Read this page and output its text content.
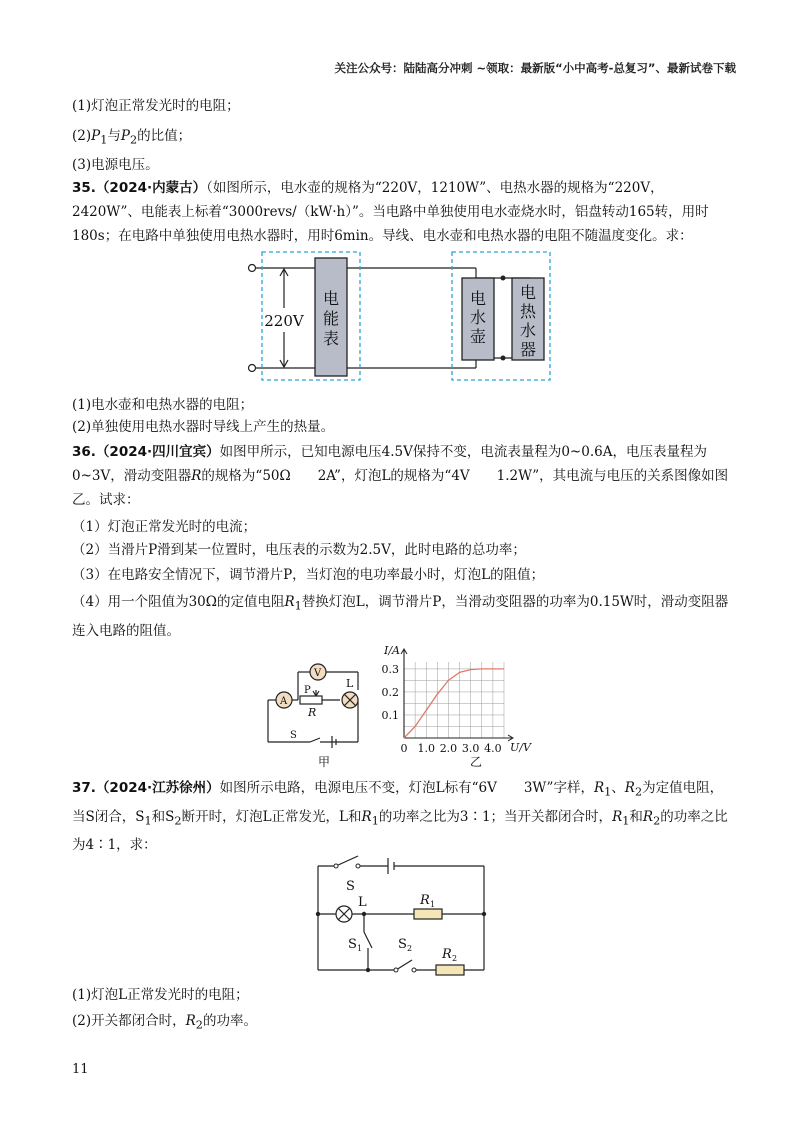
关注公众号：陆陆高分冲刺 ~领取：最新版“小中高考-总复习”、最新试卷下载
(1)灯泡正常发光时的电阻；
$(2)P_1$与$P_2$的比值；
(3)电源电压。
35.（2024·内蒙古）（如图所示，电水壶的规格为“220V，1210W”、电热水器的规格为“220V，2420W”、电能表上标着“3000revs/（kW·h）”。当电路中单独使用电水壶烧水时，铝盘转动165转，用时180s；在电路中单独使用电热水器时，用时6min。导线、电水壶和电热水器的电阻不随温度变化。求：
220V
电
能
表
电
水
壶
电
热
水
器
(1)电水壶和电热水器的电阻；
(2)单独使用电热水器时导线上产生的热量。
36.（2024·四川宜宾）如图甲所示，已知电源电压4.5V保持不变，电流表量程为0~0.6A，电压表量程为0~3V，滑动变阻器R的规格为“50Ω　　2A”，灯泡L的规格为“4V　　1.2W”，其电流与电压的关系图像如图乙。试求：
（1）灯泡正常发光时的电流；
（2）当滑片P滑到某一位置时，电压表的示数为2.5V，此时电路的总功率；
（3）在电路安全情况下，调节滑片P，当灯泡的电功率最小时，灯泡L的阻值；
（4）用一个阻值为30Ω的定值电阻$R_1$替换灯泡L，调节滑片P，当滑动变阻器的功率为0.15W时，滑动变阻器连入电路的阻值。
A
V
L
P
R
S
甲
0 1.0 2.0 3.0 4.0
0.1
0.2
0.3
I/A
U/V
乙
37.（2024·江苏徐州）如图所示电路，电源电压不变，灯泡L标有“6V　　3W”字样，$R_1$、$R_2$为定值电阻，当S闭合，$S_1$和$S_2$断开时，灯泡L正常发光，L和$R_1$的功率之比为3∶1；当开关都闭合时，$R_1$和$R_2$的功率之比为4∶1，求：
S
L	R 1
R 2
S 1	S 2
(1)灯泡L正常发光时的电阻；
(2)开关都闭合时，$R_2$的功率。
11
